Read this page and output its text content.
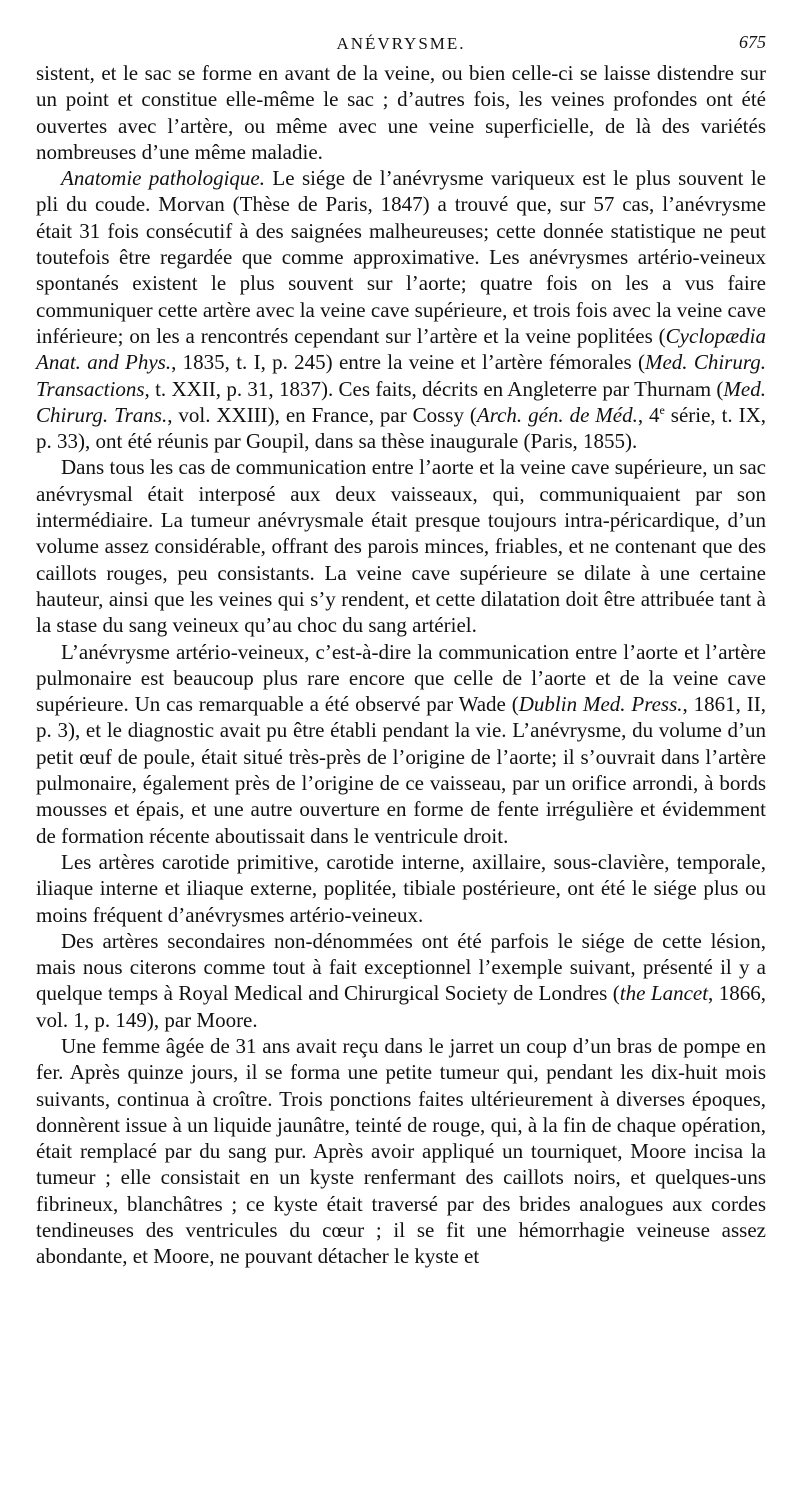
ANÉVRYSME.	675

sistent, et le sac se forme en avant de la veine, ou bien celle-ci se laisse distendre sur un point et constitue elle-même le sac ; d’autres fois, les veines profondes ont été ouvertes avec l’artère, ou même avec une veine superficielle, de là des variétés nombreuses d’une même maladie.

Anatomie pathologique. Le siége de l’anévrysme variqueux est le plus souvent le pli du coude. Morvan (Thèse de Paris, 1847) a trouvé que, sur 57 cas, l’anévrysme était 31 fois consécutif à des saignées malheureuses; cette donnée statistique ne peut toutefois être regardée que comme approximative. Les anévrysmes artério-veineux spontanés existent le plus souvent sur l’aorte; quatre fois on les a vus faire communiquer cette artère avec la veine cave supérieure, et trois fois avec la veine cave inférieure; on les a rencontrés cependant sur l’artère et la veine poplitées (Cyclopædia Anat. and Phys., 1835, t. I, p. 245) entre la veine et l’artère fémorales (Med. Chirurg. Transactions, t. XXII, p. 31, 1837). Ces faits, décrits en Angleterre par Thurnam (Med. Chirurg. Trans., vol. XXIII), en France, par Cossy (Arch. gén. de Méd., 4e série, t. IX, p. 33), ont été réunis par Goupil, dans sa thèse inaugurale (Paris, 1855).

Dans tous les cas de communication entre l’aorte et la veine cave supérieure, un sac anévrysmal était interposé aux deux vaisseaux, qui, communiquaient par son intermédiaire. La tumeur anévrysmale était presque toujours intra-péricardique, d’un volume assez considérable, offrant des parois minces, friables, et ne contenant que des caillots rouges, peu consistants. La veine cave supérieure se dilate à une certaine hauteur, ainsi que les veines qui s’y rendent, et cette dilatation doit être attribuée tant à la stase du sang veineux qu’au choc du sang artériel.

L’anévrysme artério-veineux, c’est-à-dire la communication entre l’aorte et l’artère pulmonaire est beaucoup plus rare encore que celle de l’aorte et de la veine cave supérieure. Un cas remarquable a été observé par Wade (Dublin Med. Press., 1861, II, p. 3), et le diagnostic avait pu être établi pendant la vie. L’anévrysme, du volume d’un petit œuf de poule, était situé très-près de l’origine de l’aorte; il s’ouvrait dans l’artère pulmonaire, également près de l’origine de ce vaisseau, par un orifice arrondi, à bords mousses et épais, et une autre ouverture en forme de fente irrégulière et évidemment de formation récente aboutissait dans le ventricule droit.

Les artères carotide primitive, carotide interne, axillaire, sous-clavière, temporale, iliaque interne et iliaque externe, poplitée, tibiale postérieure, ont été le siége plus ou moins fréquent d’anévrysmes artério-veineux.

Des artères secondaires non-dénommées ont été parfois le siége de cette lésion, mais nous citerons comme tout à fait exceptionnel l’exemple suivant, présenté il y a quelque temps à Royal Medical and Chirurgical Society de Londres (the Lancet, 1866, vol. 1, p. 149), par Moore.

Une femme âgée de 31 ans avait reçu dans le jarret un coup d’un bras de pompe en fer. Après quinze jours, il se forma une petite tumeur qui, pendant les dix-huit mois suivants, continua à croître. Trois ponctions faites ultérieurement à diverses époques, donnèrent issue à un liquide jaunâtre, teinté de rouge, qui, à la fin de chaque opération, était remplacé par du sang pur. Après avoir appliqué un tourniquet, Moore incisa la tumeur ; elle consistait en un kyste renfermant des caillots noirs, et quelques-uns fibrineux, blanchâtres ; ce kyste était traversé par des brides analogues aux cordes tendineuses des ventricules du cœur ; il se fit une hémorrhagie veineuse assez abondante, et Moore, ne pouvant détacher le kyste et
